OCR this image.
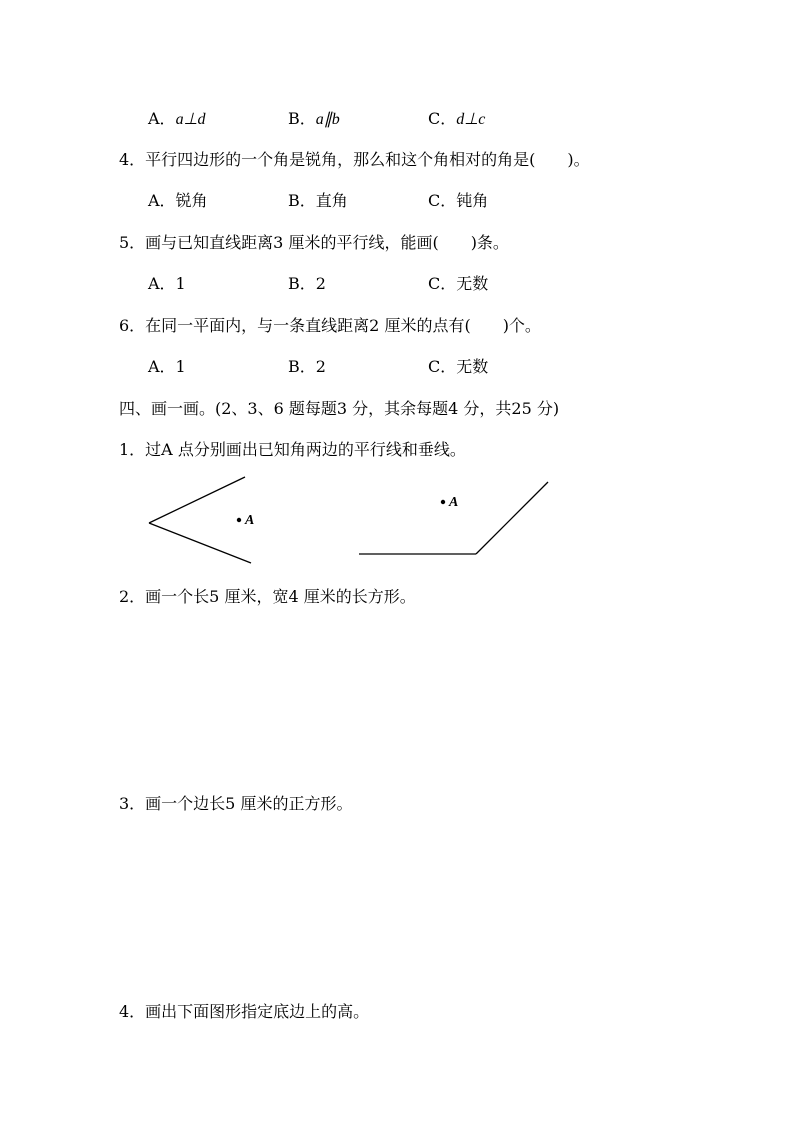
A．a⊥d	B．a∥b	C．d⊥c
4．平行四边形的一个角是锐角，那么和这个角相对的角是(　　)。
A．锐角	B．直角	C．钝角
5．画与已知直线距离3 厘米的平行线，能画(　　)条。
A．1	B．2	C．无数
6．在同一平面内，与一条直线距离2 厘米的点有(　　)个。
A．1	B．2	C．无数
四、画一画。(2、3、6 题每题3 分，其余每题4 分，共25 分)
1．过A 点分别画出已知角两边的平行线和垂线。
A
A
2．画一个长5 厘米，宽4 厘米的长方形。
3．画一个边长5 厘米的正方形。
4．画出下面图形指定底边上的高。
